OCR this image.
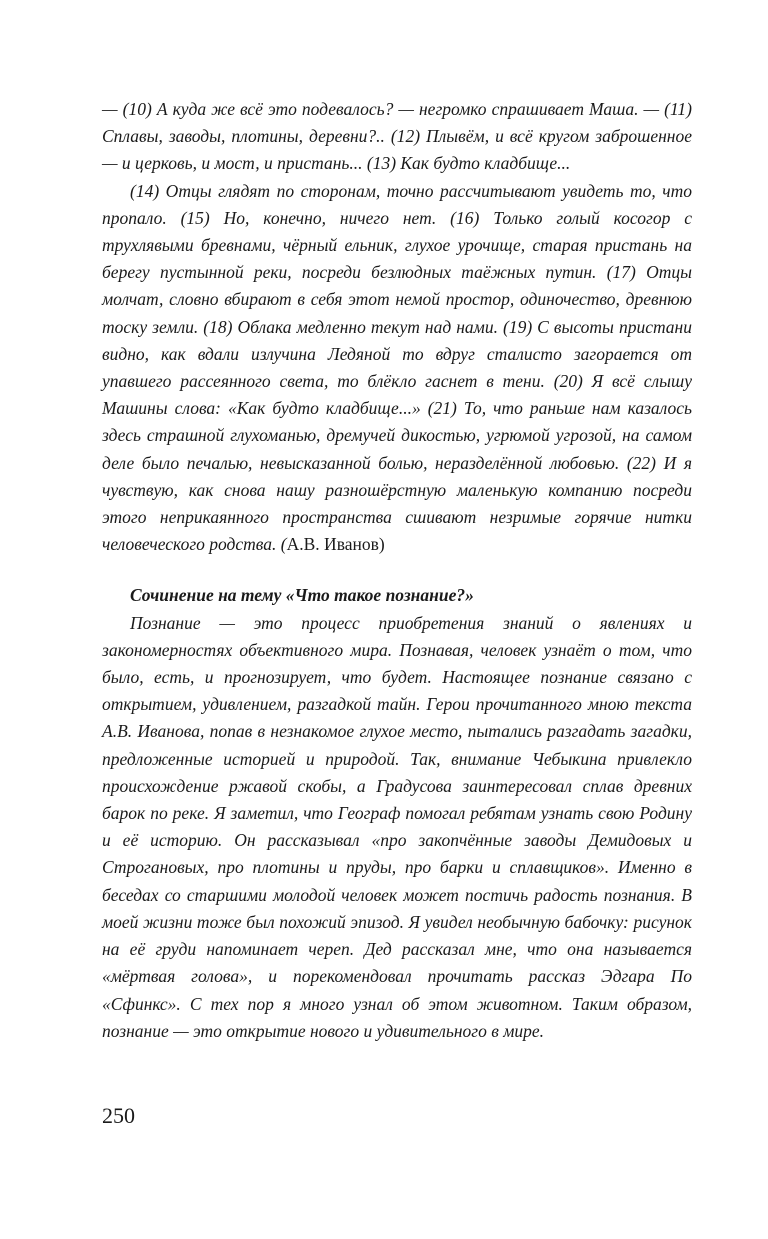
— (10) А куда же всё это подевалось? — негромко спрашивает Маша. — (11) Сплавы, заводы, плотины, деревни?.. (12) Плывём, и всё кругом заброшенное — и церковь, и мост, и пристань... (13) Как будто кладбище...

(14) Отцы глядят по сторонам, точно рассчитывают увидеть то, что пропало. (15) Но, конечно, ничего нет. (16) Только голый косогор с трухлявыми бревнами, чёрный ельник, глухое урочище, старая пристань на берегу пустынной реки, посреди безлюдных таёжных путин. (17) Отцы молчат, словно вбирают в себя этот немой простор, одиночество, древнюю тоску земли. (18) Облака медленно текут над нами. (19) С высоты пристани видно, как вдали излучина Ледяной то вдруг сталисто загорается от упавшего рассеянного света, то блёкло гаснет в тени. (20) Я всё слышу Машины слова: «Как будто кладбище...» (21) То, что раньше нам казалось здесь страшной глухоманью, дремучей дикостью, угрюмой угрозой, на самом деле было печалью, невысказанной болью, неразделённой любовью. (22) И я чувствую, как снова нашу разношёрстную маленькую компанию посреди этого неприкаянного пространства сшивают незримые горячие нитки человеческого родства. (А.В. Иванов)

Сочинение на тему «Что такое познание?»

Познание — это процесс приобретения знаний о явлениях и закономерностях объективного мира. Познавая, человек узнаёт о том, что было, есть, и прогнозирует, что будет. Настоящее познание связано с открытием, удивлением, разгадкой тайн. Герои прочитанного мною текста А.В. Иванова, попав в незнакомое глухое место, пытались разгадать загадки, предложенные историей и природой. Так, внимание Чебыкина привлекло происхождение ржавой скобы, а Градусова заинтересовал сплав древних барок по реке. Я заметил, что Географ помогал ребятам узнать свою Родину и её историю. Он рассказывал «про закопчённые заводы Демидовых и Строгановых, про плотины и пруды, про барки и сплавщиков». Именно в беседах со старшими молодой человек может постичь радость познания. В моей жизни тоже был похожий эпизод. Я увидел необычную бабочку: рисунок на её груди напоминает череп. Дед рассказал мне, что она называется «мёртвая голова», и порекомендовал прочитать рассказ Эдгара По «Сфинкс». С тех пор я много узнал об этом животном. Таким образом, познание — это открытие нового и удивительного в мире.

250
